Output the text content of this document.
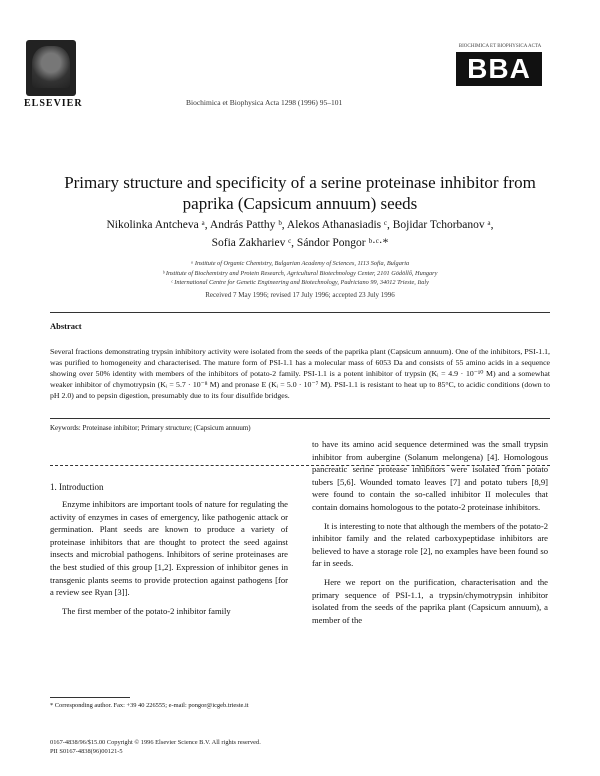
ELSEVIER	Biochimica et Biophysica Acta 1298 (1996) 95–101
BIOCHIMICA ET BIOPHYSICA ACTA
BBA
Primary structure and specificity of a serine proteinase inhibitor from paprika (Capsicum annuum) seeds
Nikolinka Antcheva ᵃ, András Patthy ᵇ, Alekos Athanasiadis ᶜ, Bojidar Tchorbanov ᵃ,
Sofia Zakhariev ᶜ, Sándor Pongor ᵇ·ᶜ·*
ᵃ Institute of Organic Chemistry, Bulgarian Academy of Sciences, 1113 Sofia, Bulgaria
ᵇ Institute of Biochemistry and Protein Research, Agricultural Biotechnology Center, 2101 Gödöllő, Hungary
ᶜ International Centre for Genetic Engineering and Biotechnology, Padriciano 99, 34012 Trieste, Italy
Received 7 May 1996; revised 17 July 1996; accepted 23 July 1996
Abstract
Several fractions demonstrating trypsin inhibitory activity were isolated from the seeds of the paprika plant (Capsicum annuum). One of the inhibitors, PSI-1.1, was purified to homogeneity and characterised. The mature form of PSI-1.1 has a molecular mass of 6053 Da and consists of 55 amino acids in a sequence showing over 50% identity with members of the inhibitors of potato-2 family. PSI-1.1 is a potent inhibitor of trypsin (Kᵢ = 4.9 · 10⁻¹⁰ M) and a somewhat weaker inhibitor of chymotrypsin (Kᵢ = 5.7 · 10⁻⁸ M) and pronase E (Kᵢ = 5.0 · 10⁻⁷ M). PSI-1.1 is resistant to heat up to 85°C, to acidic conditions (down to pH 2.0) and to pepsin digestion, presumably due to its four disulfide bridges.
Keywords: Proteinase inhibitor; Primary structure; (Capsicum annuum)
1. Introduction

Enzyme inhibitors are important tools of nature for regulating the activity of enzymes in cases of emergency, like pathogenic attack or germination. Plant seeds are known to produce a variety of proteinase inhibitors that are thought to protect the seed against insects and microbial pathogens. Inhibitors of serine proteinases are the best studied of this group [1,2]. Expression of inhibitor genes in transgenic plants seems to provide protection against pathogens [for a review see Ryan [3]].

The first member of the potato-2 inhibitor family

to have its amino acid sequence determined was the small trypsin inhibitor from aubergine (Solanum melongena) [4]. Homologous pancreatic serine protease inhibitors were isolated from potato tubers [5,6]. Wounded tomato leaves [7] and potato tubers [8,9] were found to contain the so-called inhibitor II molecules that contain domains homologous to the potato-2 proteinase inhibitors.

It is interesting to note that although the members of the potato-2 inhibitor family and the related carboxypeptidase inhibitors are believed to have a storage role [2], no examples have been found so far in seeds.

Here we report on the purification, characterisation and the primary sequence of PSI-1.1, a trypsin/chymotrypsin inhibitor isolated from the seeds of the paprika plant (Capsicum annuum), a member of the

* Corresponding author. Fax: +39 40 226555; e-mail: pongor@icgeb.trieste.it
0167-4838/96/$15.00 Copyright © 1996 Elsevier Science B.V. All rights reserved.
PII S0167-4838(96)00121-5
